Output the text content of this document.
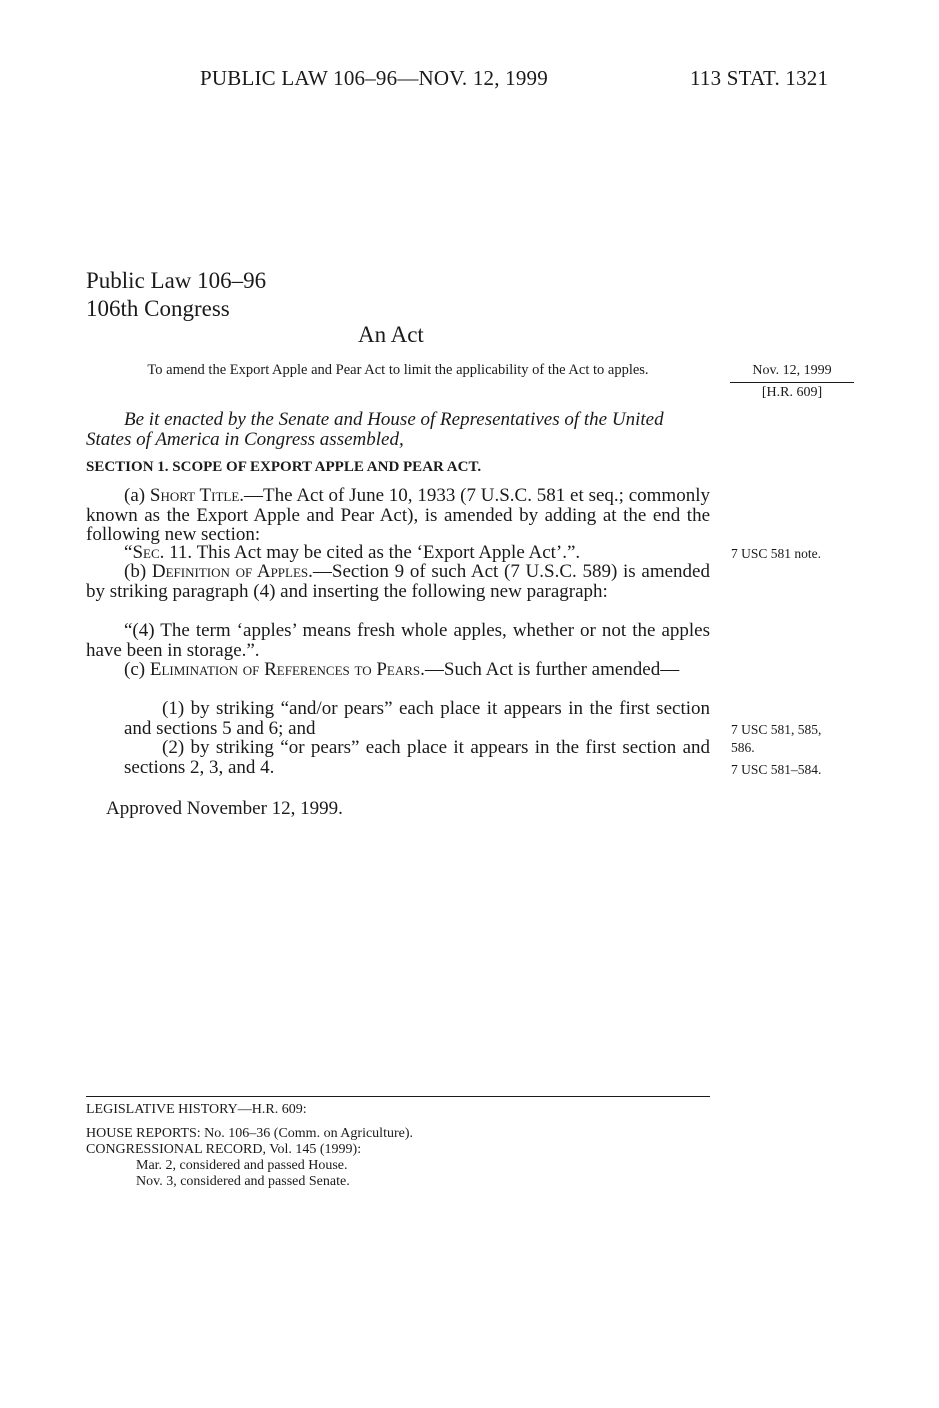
PUBLIC LAW 106–96—NOV. 12, 1999	113 STAT. 1321
Public Law 106–96
106th Congress
An Act
To amend the Export Apple and Pear Act to limit the applicability of the Act to apples.	Nov. 12, 1999
[H.R. 609]
Be it enacted by the Senate and House of Representatives of the United States of America in Congress assembled,
SECTION 1. SCOPE OF EXPORT APPLE AND PEAR ACT.
(a) Short Title.—The Act of June 10, 1933 (7 U.S.C. 581 et seq.; commonly known as the Export Apple and Pear Act), is amended by adding at the end the following new section:
“Sec. 11. This Act may be cited as the ‘Export Apple Act’.”.	7 USC 581 note.
(b) Definition of Apples.—Section 9 of such Act (7 U.S.C. 589) is amended by striking paragraph (4) and inserting the following new paragraph:
“(4) The term ‘apples’ means fresh whole apples, whether or not the apples have been in storage.”.
(c) Elimination of References to Pears.—Such Act is further amended—
(1) by striking “and/or pears” each place it appears in the first section and sections 5 and 6; and
(2) by striking “or pears” each place it appears in the first section and sections 2, 3, and 4.
7 USC 581, 585,
586.
7 USC 581–584.
Approved November 12, 1999.
LEGISLATIVE HISTORY—H.R. 609:
HOUSE REPORTS: No. 106–36 (Comm. on Agriculture).
CONGRESSIONAL RECORD, Vol. 145 (1999):
Mar. 2, considered and passed House.
Nov. 3, considered and passed Senate.
